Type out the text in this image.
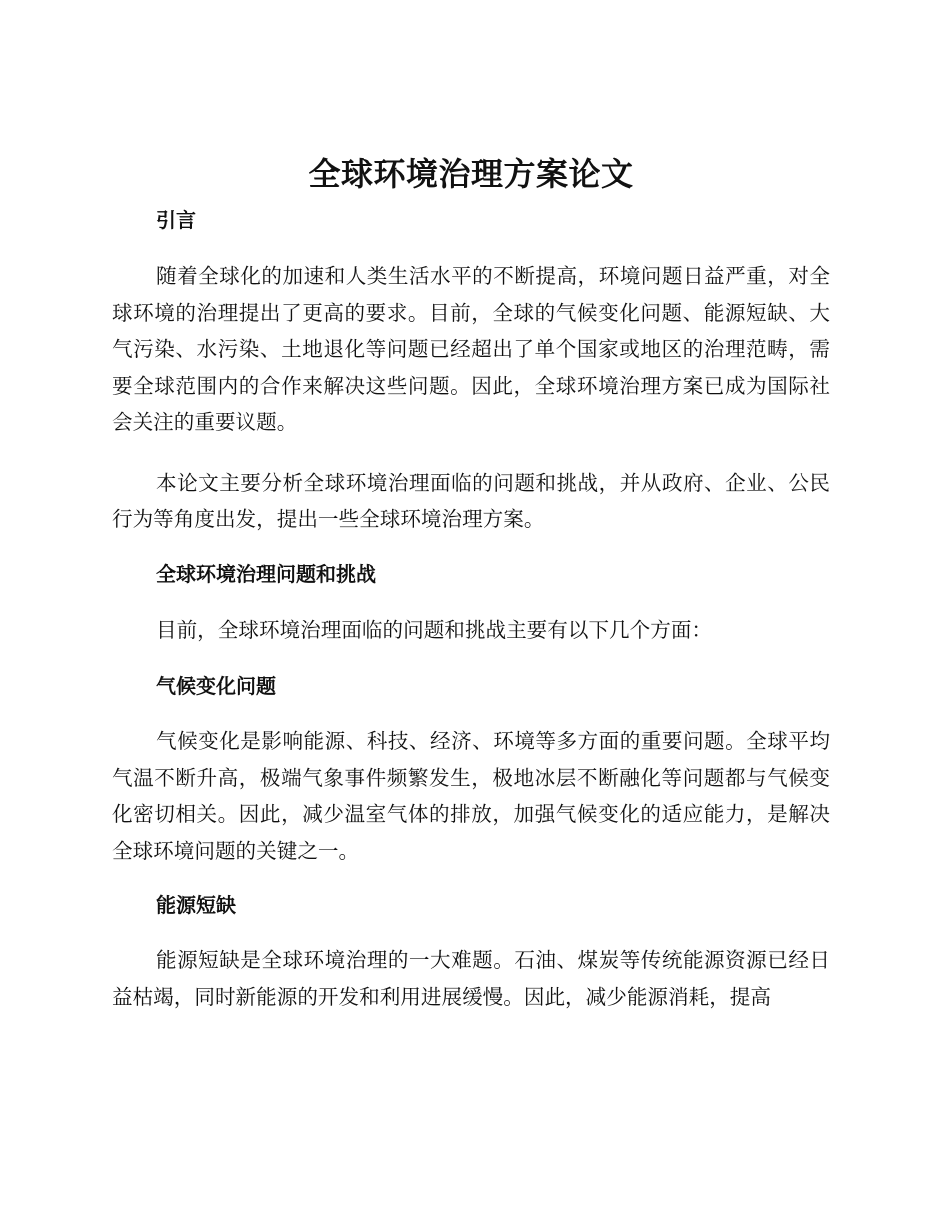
全球环境治理方案论文
引言

随着全球化的加速和人类生活水平的不断提高，环境问题日益严重，对全球环境的治理提出了更高的要求。目前，全球的气候变化问题、能源短缺、大气污染、水污染、土地退化等问题已经超出了单个国家或地区的治理范畴，需要全球范围内的合作来解决这些问题。因此，全球环境治理方案已成为国际社会关注的重要议题。

本论文主要分析全球环境治理面临的问题和挑战，并从政府、企业、公民行为等角度出发，提出一些全球环境治理方案。

全球环境治理问题和挑战

目前，全球环境治理面临的问题和挑战主要有以下几个方面：

气候变化问题

气候变化是影响能源、科技、经济、环境等多方面的重要问题。全球平均气温不断升高，极端气象事件频繁发生，极地冰层不断融化等问题都与气候变化密切相关。因此，减少温室气体的排放，加强气候变化的适应能力，是解决全球环境问题的关键之一。

能源短缺

能源短缺是全球环境治理的一大难题。石油、煤炭等传统能源资源已经日益枯竭，同时新能源的开发和利用进展缓慢。因此，减少能源消耗，提高
